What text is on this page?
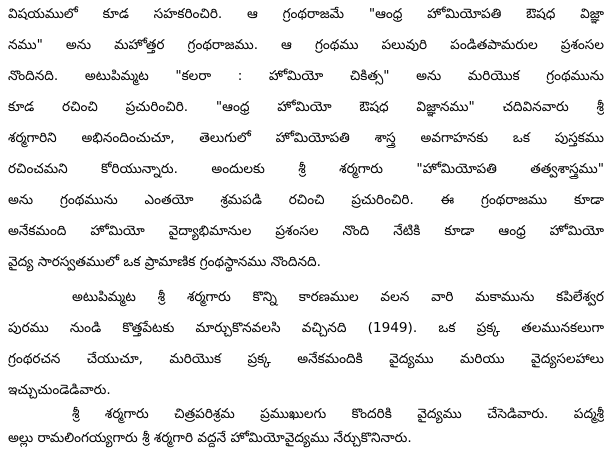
విషయములో కూడ సహకరించిరి. ఆ గ్రంథరాజమే "ఆంధ్ర హోమియోపతి ఔషధ విజ్ఞా
నము" అను మహోత్తర గ్రంథరాజము. ఆ గ్రంథము పలువురి పండితపామరుల ప్రశంసల
నొందినది. అటుపిమ్మట "కలరా : హోమియో చికిత్స" అను మరియొక గ్రంథమును
కూడ రచించి ప్రచురించిరి. "ఆంధ్ర హోమియో ఔషధ విజ్ఞానము" చదివినవారు శ్రీ
శర్మగారిని అభినందించుచూ, తెలుగులో హోమియోపతి శాస్త్ర అవగాహనకు ఒక పుస్తకము
రచించమని కోరియున్నారు. అందులకు శ్రీ శర్మగారు "హోమియోపతి తత్వశాస్త్రము"
అను గ్రంథమును ఎంతయో శ్రమపడి రచించి ప్రచురించిరి. ఈ గ్రంథరాజము కూడా
అనేకమంది హోమియో వైద్యాభిమానుల ప్రశంసల నొంది నేటికి కూడా ఆంధ్ర హోమియో
వైద్య సారస్వతములో ఒక ప్రామాణిక గ్రంథస్థానము నొందినది.
అటుపిమ్మట శ్రీ శర్మగారు కొన్ని కారణముల వలన వారి మకామును కపిలేశ్వర
పురము నుండి కొత్తపేటకు మార్చుకొనవలసి వచ్చినది (1949). ఒక ప్రక్క తలమునకలుగా
గ్రంథరచన చేయుచూ, మరియొక ప్రక్క అనేకమందికి వైద్యము మరియు వైద్యసలహాలు
ఇచ్చుచుండెడివారు.
శ్రీ శర్మగారు చిత్రపరిశ్రమ ప్రముఖులగు కొందరికి వైద్యము చేసెడివారు. పద్మశ్రీ
అల్లు రామలింగయ్యగారు శ్రీ శర్మగారి వద్దనే హోమియోవైద్యము నేర్చుకొనినారు.
